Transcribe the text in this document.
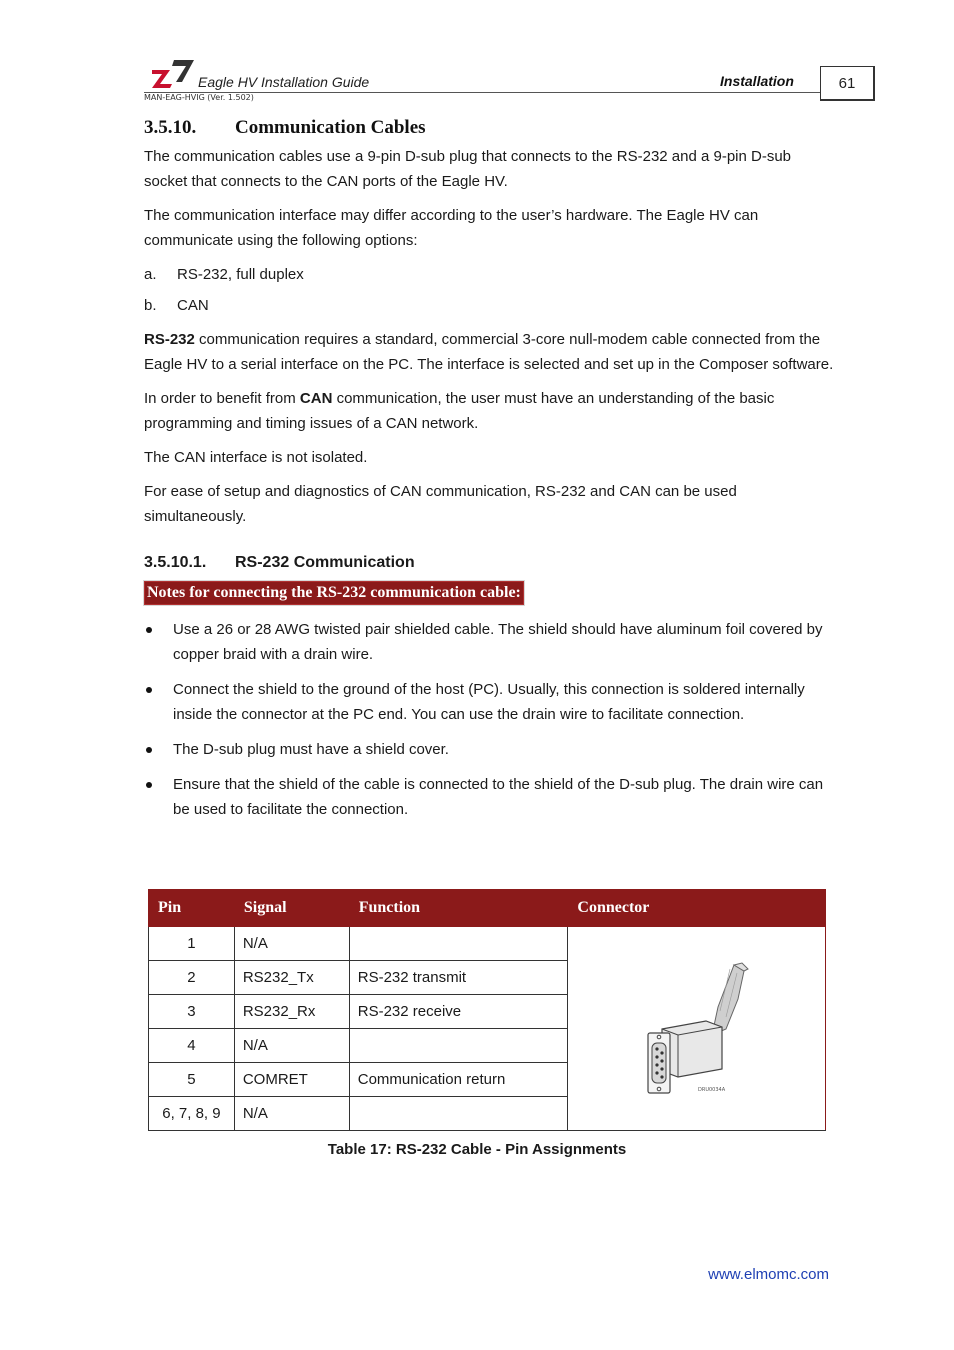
Eagle HV Installation Guide	Installation	61
MAN-EAG-HVIG (Ver. 1.502)
3.5.10. Communication Cables

The communication cables use a 9-pin D-sub plug that connects to the RS-232 and a 9-pin D-sub socket that connects to the CAN ports of the Eagle HV.

The communication interface may differ according to the user’s hardware. The Eagle HV can communicate using the following options:

a. RS-232, full duplex
b. CAN

RS-232 communication requires a standard, commercial 3-core null-modem cable connected from the Eagle HV to a serial interface on the PC. The interface is selected and set up in the Composer software.

In order to benefit from CAN communication, the user must have an understanding of the basic programming and timing issues of a CAN network.

The CAN interface is not isolated.

For ease of setup and diagnostics of CAN communication, RS-232 and CAN can be used simultaneously.

3.5.10.1. RS-232 Communication
Notes for connecting the RS-232 communication cable:
Use a 26 or 28 AWG twisted pair shielded cable. The shield should have aluminum foil covered by copper braid with a drain wire.
Connect the shield to the ground of the host (PC). Usually, this connection is soldered internally inside the connector at the PC end. You can use the drain wire to facilitate connection.
The D-sub plug must have a shield cover.
Ensure that the shield of the cable is connected to the shield of the D-sub plug. The drain wire can be used to facilitate the connection.
Pin	Signal	Function	Connector
1	N/A		DRU0034A

2	RS232_Tx	RS-232 transmit	
3	RS232_Rx	RS-232 receive	
4	N/A		
5	COMRET	Communication return	
6, 7, 8, 9	N/A		
Table 17: RS-232 Cable - Pin Assignments
www.elmomc.com
